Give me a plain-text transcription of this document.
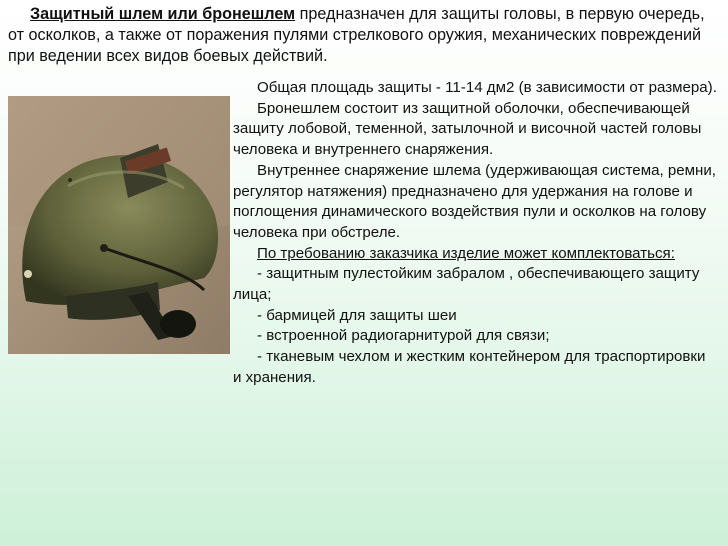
Защитный шлем или бронешлем предназначен для защиты головы, в первую очередь, от осколков, а также от поражения пулями стрелкового оружия, механических повреждений при ведении всех видов боевых действий.

Общая площадь защиты - 11-14 дм2 (в зависимости от размера).

Бронешлем состоит из защитной оболочки, обеспечивающей защиту лобовой, теменной, затылочной и височной частей головы человека и внутреннего снаряжения.

Внутреннее снаряжение шлема (удерживающая система, ремни, регулятор натяжения) предназначено для удержания на голове и поглощения динамического воздействия пули и осколков на голову человека при обстреле.

По требованию заказчика изделие может комплектоваться:

- защитным пулестойким забралом , обеспечивающего защиту лица;

- бармицей для защиты шеи

- встроенной радиогарнитурой для связи;

- тканевым чехлом и жестким контейнером для траспортировки и хранения.
